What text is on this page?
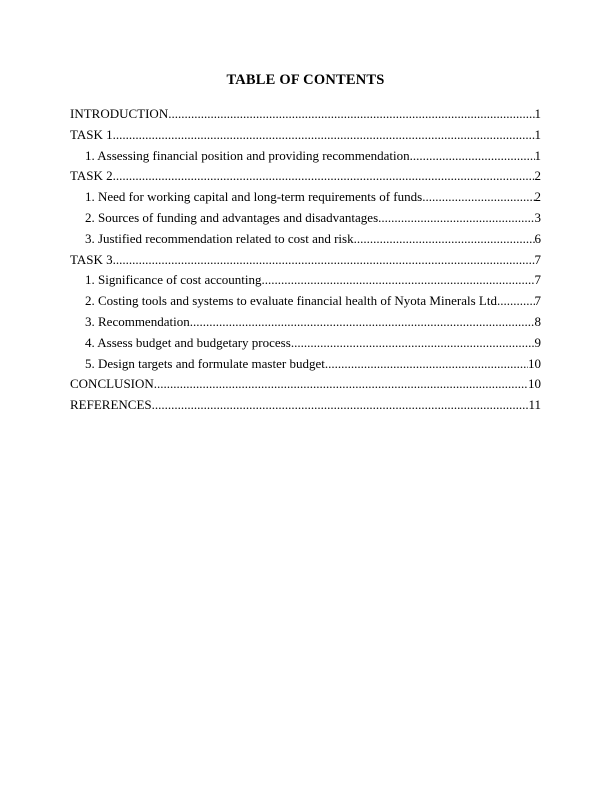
TABLE OF CONTENTS
INTRODUCTION .....	1
TASK 1 .....	1
1. Assessing financial position and providing recommendation .....	1
TASK 2 .....	2
1. Need for working capital and long-term requirements of funds .....	2
2. Sources of funding and advantages and disadvantages .....	3
3. Justified recommendation related to cost and risk .....	6
TASK 3 .....	7
1. Significance of cost accounting .....	7
2. Costing tools and systems to evaluate financial health of Nyota Minerals Ltd .....	7
3. Recommendation .....	8
4. Assess budget and budgetary process .....	9
5. Design targets and formulate master budget .....	10
CONCLUSION .....	10
REFERENCES .....	11
